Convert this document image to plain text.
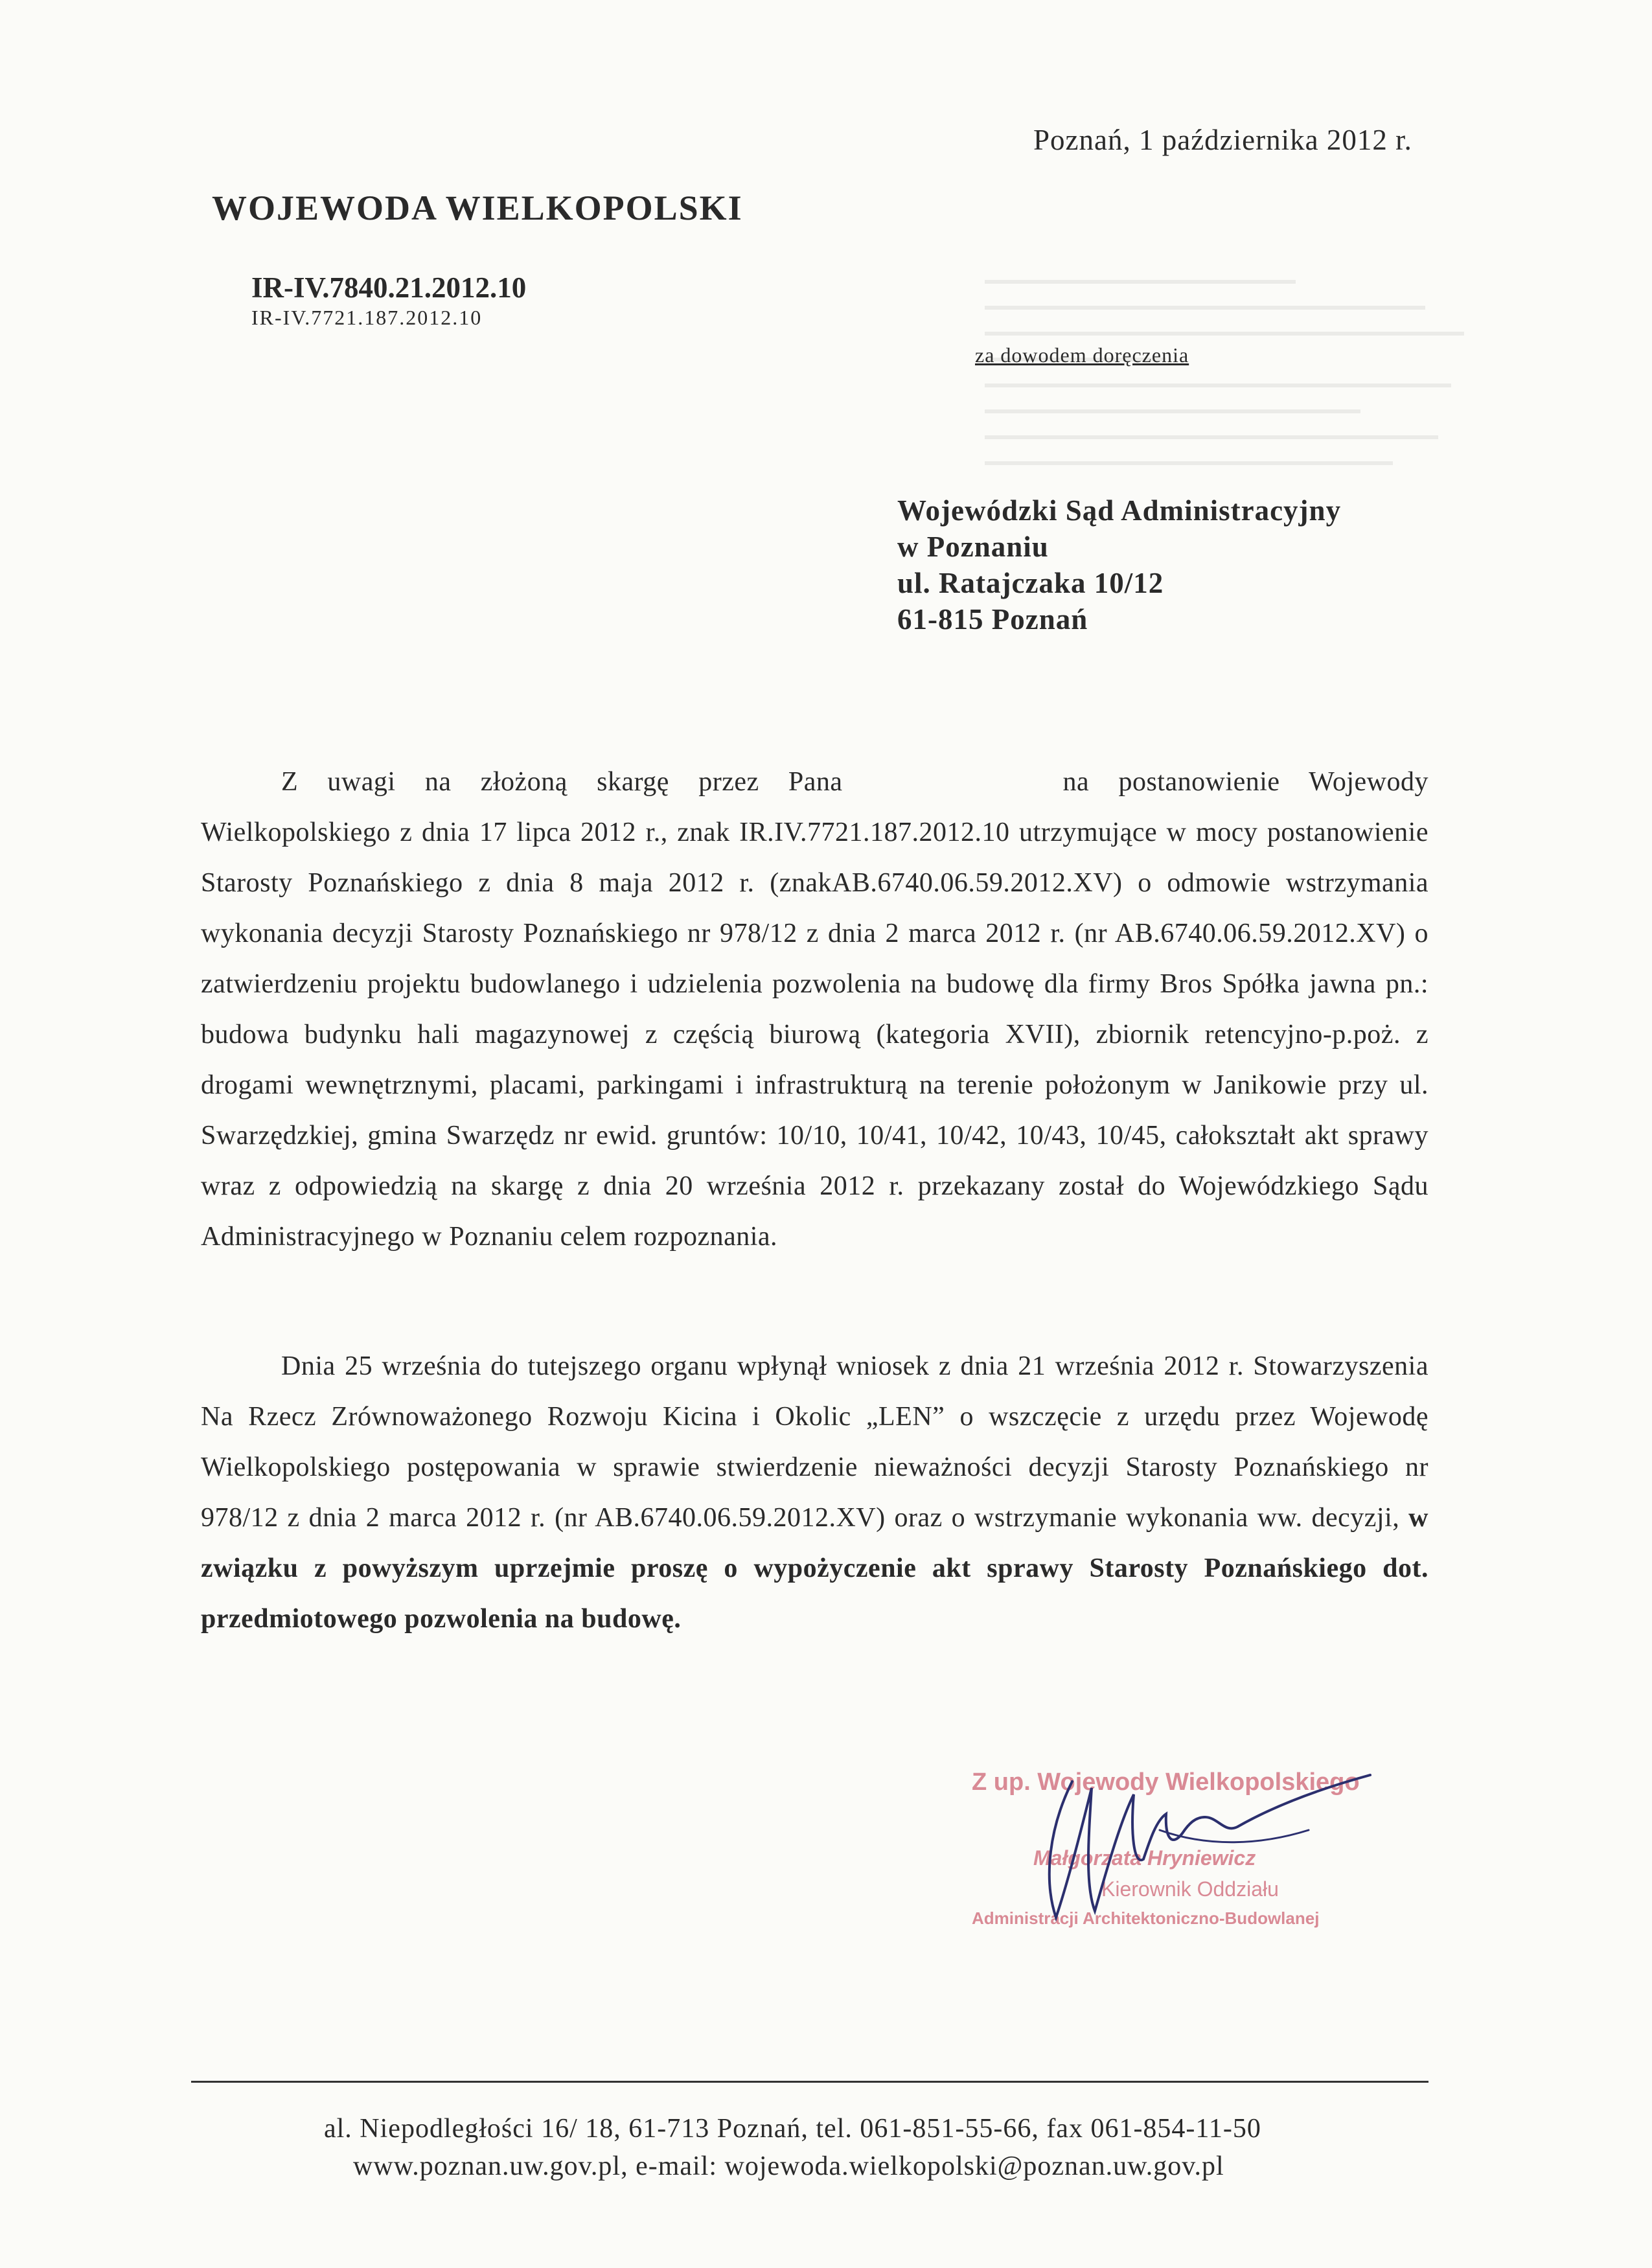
Poznań, 1 października 2012 r.
WOJEWODA WIELKOPOLSKI
IR-IV.7840.21.2012.10
IR-IV.7721.187.2012.10
za dowodem doręczenia
Wojewódzki Sąd Administracyjny
w Poznaniu
ul. Ratajczaka 10/12
61-815 Poznań

Z uwagi na złożoną skargę przez Pana	na postanowienie Wojewody Wielkopolskiego z dnia 17 lipca 2012 r., znak IR.IV.7721.187.2012.10 utrzymujące w mocy postanowienie Starosty Poznańskiego z dnia 8 maja 2012 r. (znakAB.6740.06.59.2012.XV) o odmowie wstrzymania wykonania decyzji Starosty Poznańskiego nr 978/12 z dnia 2 marca 2012 r. (nr AB.6740.06.59.2012.XV) o zatwierdzeniu projektu budowlanego i udzielenia pozwolenia na budowę dla firmy Bros Spółka jawna pn.: budowa budynku hali magazynowej z częścią biurową (kategoria XVII), zbiornik retencyjno-p.poż. z drogami wewnętrznymi, placami, parkingami i infrastrukturą na terenie położonym w Janikowie przy ul. Swarzędzkiej, gmina Swarzędz nr ewid. gruntów: 10/10, 10/41, 10/42, 10/43, 10/45, całokształt akt sprawy wraz z odpowiedzią na skargę z dnia 20 września 2012 r. przekazany został do Wojewódzkiego Sądu Administracyjnego w Poznaniu celem rozpoznania.

Dnia 25 września do tutejszego organu wpłynął wniosek z dnia 21 września 2012 r. Stowarzyszenia Na Rzecz Zrównoważonego Rozwoju Kicina i Okolic „LEN” o wszczęcie z urzędu przez Wojewodę Wielkopolskiego postępowania w sprawie stwierdzenie nieważności decyzji Starosty Poznańskiego nr 978/12 z dnia 2 marca 2012 r. (nr AB.6740.06.59.2012.XV) oraz o wstrzymanie wykonania ww. decyzji, w związku z powyższym uprzejmie proszę o wypożyczenie akt sprawy Starosty Poznańskiego dot. przedmiotowego pozwolenia na budowę.

Z up. Wojewody Wielkopolskiego
Małgorzata Hryniewicz
Kierownik Oddziału
Administracji Architektoniczno-Budowlanej
al. Niepodległości 16/ 18, 61-713 Poznań, tel. 061-851-55-66, fax 061-854-11-50
www.poznan.uw.gov.pl, e-mail: wojewoda.wielkopolski@poznan.uw.gov.pl
